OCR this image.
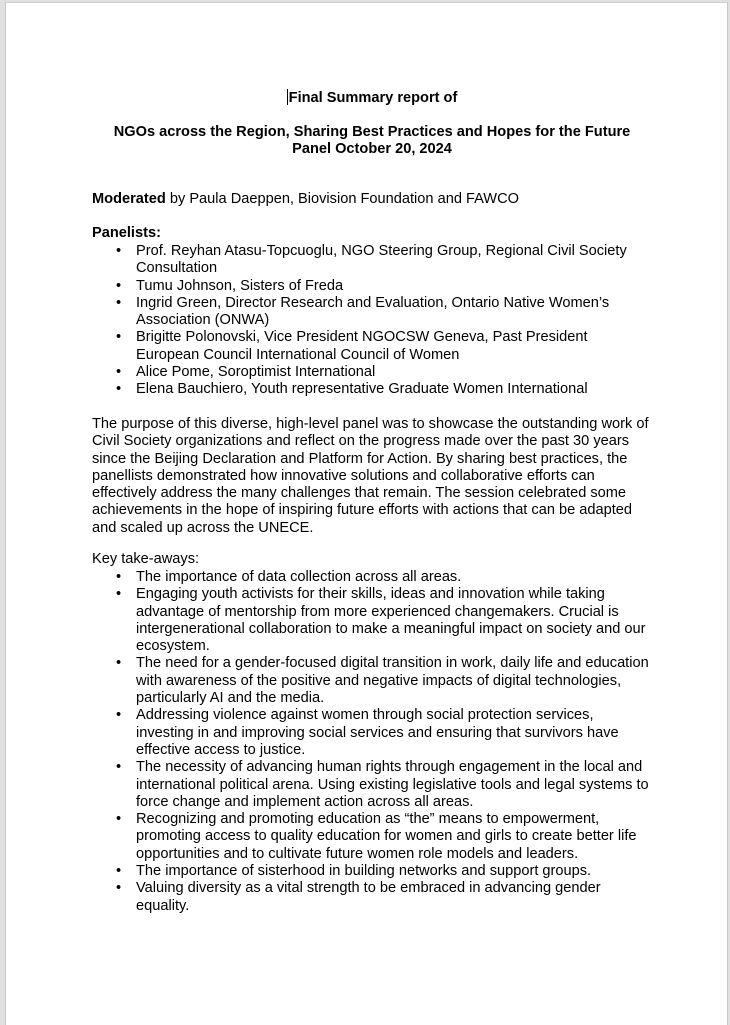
Final Summary report of
NGOs across the Region, Sharing Best Practices and Hopes for the Future
Panel October 20, 2024
Moderated by Paula Daeppen, Biovision Foundation and FAWCO
Panelists:
• Prof. Reyhan Atasu-Topcuoglu, NGO Steering Group, Regional Civil Society Consultation
• Tumu Johnson, Sisters of Freda
• Ingrid Green, Director Research and Evaluation, Ontario Native Women’s Association (ONWA)
• Brigitte Polonovski, Vice President NGOCSW Geneva, Past President European Council International Council of Women
• Alice Pome, Soroptimist International
• Elena Bauchiero, Youth representative Graduate Women International
The purpose of this diverse, high-level panel was to showcase the outstanding work of Civil Society organizations and reflect on the progress made over the past 30 years since the Beijing Declaration and Platform for Action. By sharing best practices, the panellists demonstrated how innovative solutions and collaborative efforts can effectively address the many challenges that remain. The session celebrated some achievements in the hope of inspiring future efforts with actions that can be adapted and scaled up across the UNECE.
Key take-aways:
• The importance of data collection across all areas.
• Engaging youth activists for their skills, ideas and innovation while taking advantage of mentorship from more experienced changemakers. Crucial is intergenerational collaboration to make a meaningful impact on society and our ecosystem.
• The need for a gender-focused digital transition in work, daily life and education with awareness of the positive and negative impacts of digital technologies, particularly AI and the media.
• Addressing violence against women through social protection services, investing in and improving social services and ensuring that survivors have effective access to justice.
• The necessity of advancing human rights through engagement in the local and international political arena. Using existing legislative tools and legal systems to force change and implement action across all areas.
• Recognizing and promoting education as “the” means to empowerment, promoting access to quality education for women and girls to create better life opportunities and to cultivate future women role models and leaders.
• The importance of sisterhood in building networks and support groups.
• Valuing diversity as a vital strength to be embraced in advancing gender equality.
